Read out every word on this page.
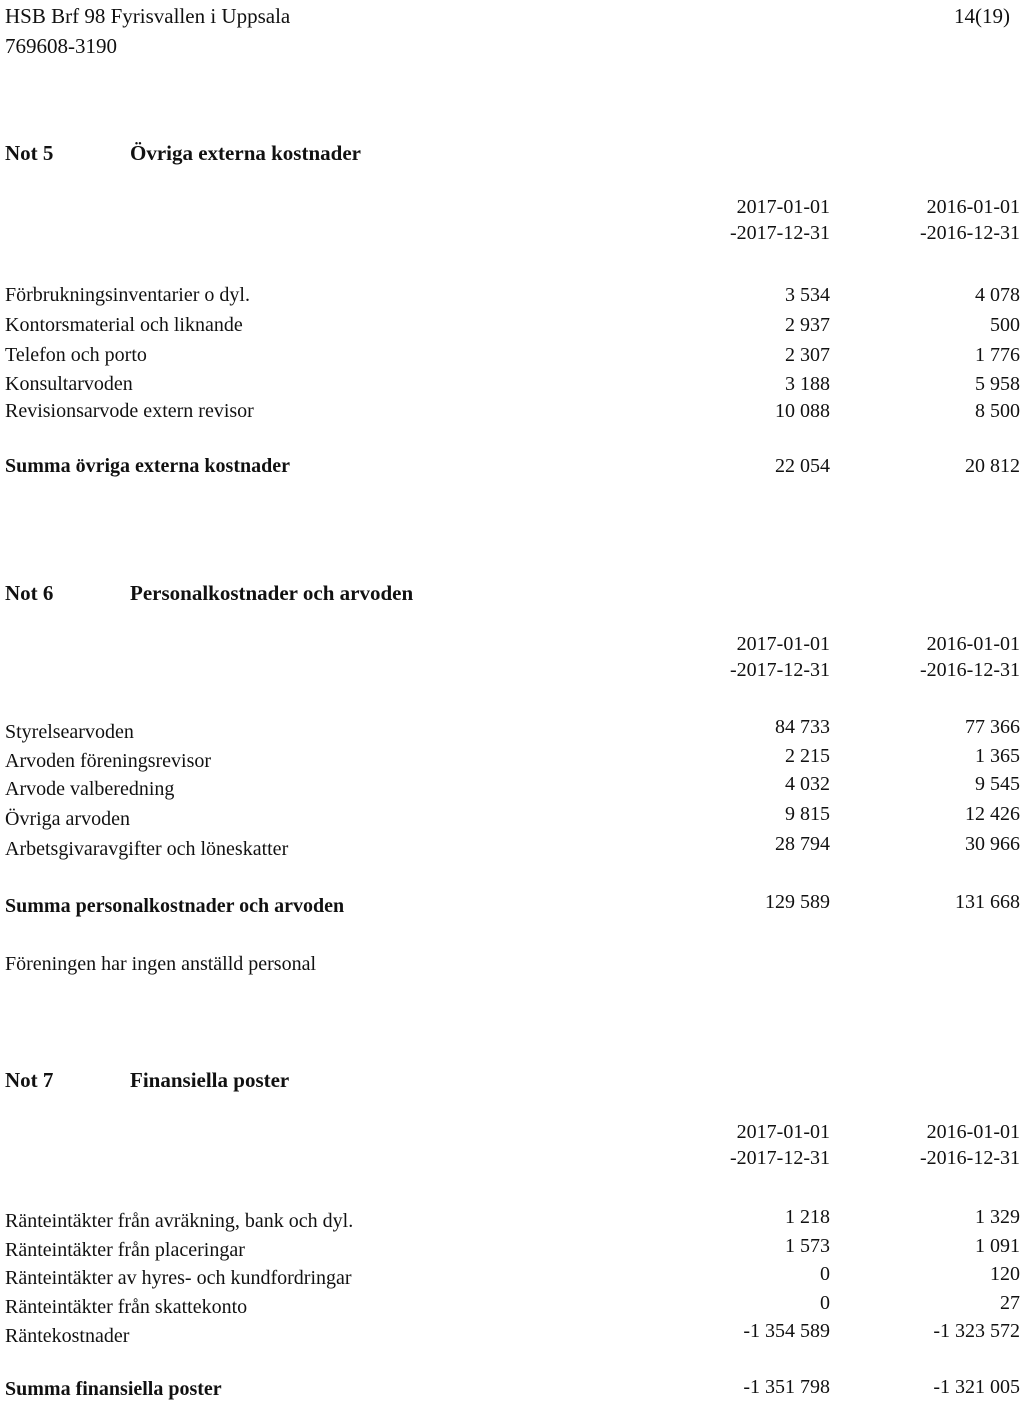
HSB Brf 98 Fyrisvallen i Uppsala
769608-3190
14(19)
Not 5	Övriga externa kostnader
2017-01-01
-2017-12-31
2016-01-01
-2016-12-31
Förbrukningsinventarier o dyl.	3 534	4 078
Kontorsmaterial och liknande	2 937	500
Telefon och porto	2 307	1 776
Konsultarvoden	3 188	5 958
Revisionsarvode extern revisor	10 088	8 500
Summa övriga externa kostnader	22 054	20 812
Not 6	Personalkostnader och arvoden
2017-01-01
-2017-12-31
2016-01-01
-2016-12-31
Styrelsearvoden	84 733	77 366
Arvoden föreningsrevisor	2 215	1 365
Arvode valberedning	4 032	9 545
Övriga arvoden	9 815	12 426
Arbetsgivaravgifter och löneskatter	28 794	30 966
Summa personalkostnader och arvoden	129 589	131 668
Föreningen har ingen anställd personal
Not 7	Finansiella poster
2017-01-01
-2017-12-31
2016-01-01
-2016-12-31
Ränteintäkter från avräkning, bank och dyl.	1 218	1 329
Ränteintäkter från placeringar	1 573	1 091
Ränteintäkter av hyres- och kundfordringar	0	120
Ränteintäkter från skattekonto	0	27
Räntekostnader	-1 354 589	-1 323 572
Summa finansiella poster	-1 351 798	-1 321 005
